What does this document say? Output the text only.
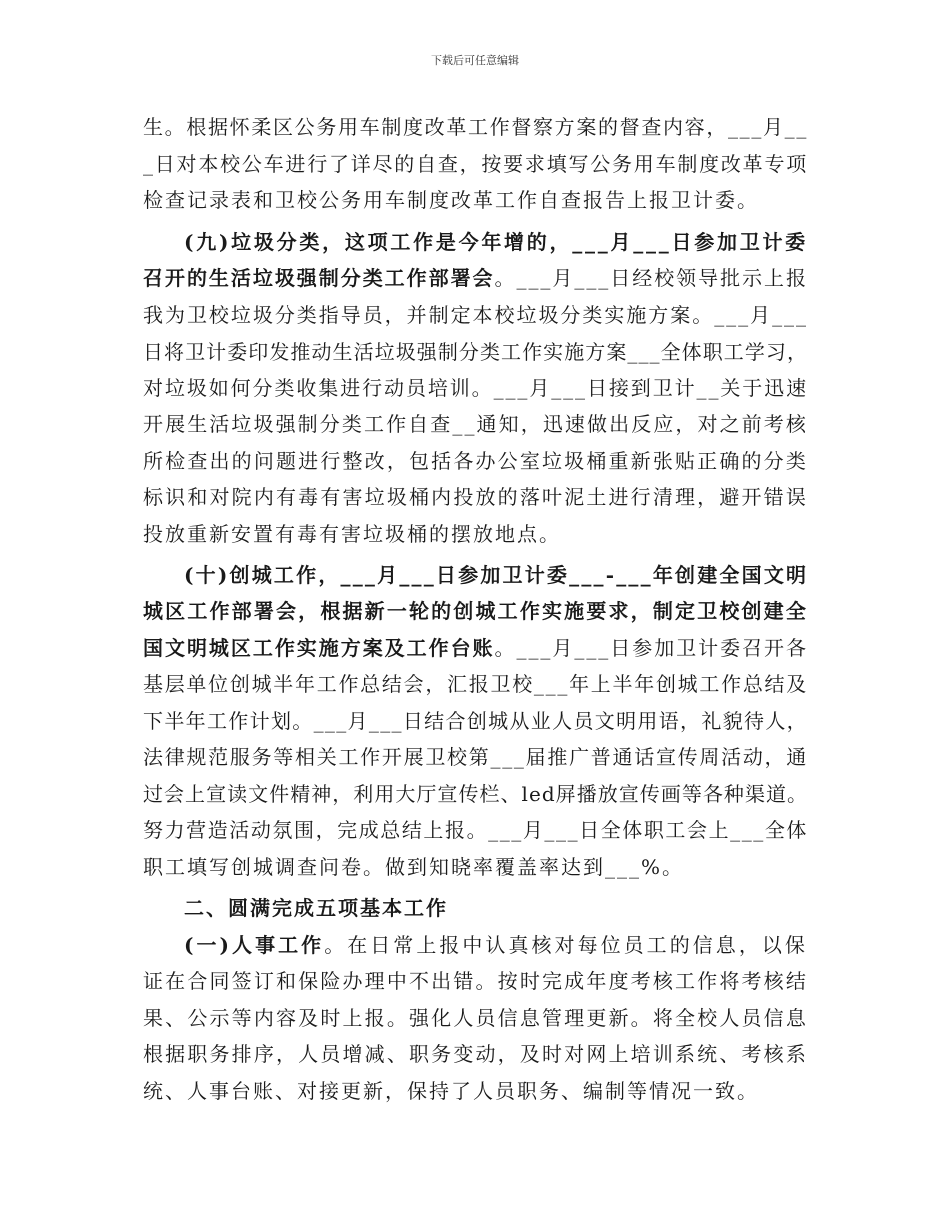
下载后可任意编辑
生。根据怀柔区公务用车制度改革工作督察方案的督查内容，___月__
_日对本校公车进行了详尽的自查，按要求填写公务用车制度改革专项
检查记录表和卫校公务用车制度改革工作自查报告上报卫计委。
(九)垃圾分类，这项工作是今年增的，___月___日参加卫计委
召开的生活垃圾强制分类工作部署会。___月___日经校领导批示上报
我为卫校垃圾分类指导员，并制定本校垃圾分类实施方案。___月___
日将卫计委印发推动生活垃圾强制分类工作实施方案___全体职工学习，
对垃圾如何分类收集进行动员培训。___月___日接到卫计__关于迅速
开展生活垃圾强制分类工作自查__通知，迅速做出反应，对之前考核
所检查出的问题进行整改，包括各办公室垃圾桶重新张贴正确的分类
标识和对院内有毒有害垃圾桶内投放的落叶泥土进行清理，避开错误
投放重新安置有毒有害垃圾桶的摆放地点。
(十)创城工作，___月___日参加卫计委___-___年创建全国文明
城区工作部署会，根据新一轮的创城工作实施要求，制定卫校创建全
国文明城区工作实施方案及工作台账。___月___日参加卫计委召开各
基层单位创城半年工作总结会，汇报卫校___年上半年创城工作总结及
下半年工作计划。___月___日结合创城从业人员文明用语，礼貌待人，
法律规范服务等相关工作开展卫校第___届推广普通话宣传周活动，通
过会上宣读文件精神，利用大厅宣传栏、led屏播放宣传画等各种渠道。
努力营造活动氛围，完成总结上报。___月___日全体职工会上___全体
职工填写创城调查问卷。做到知晓率覆盖率达到___%。
二、圆满完成五项基本工作
(一)人事工作。在日常上报中认真核对每位员工的信息，以保
证在合同签订和保险办理中不出错。按时完成年度考核工作将考核结
果、公示等内容及时上报。强化人员信息管理更新。将全校人员信息
根据职务排序，人员增减、职务变动，及时对网上培训系统、考核系
统、人事台账、对接更新，保持了人员职务、编制等情况一致。
